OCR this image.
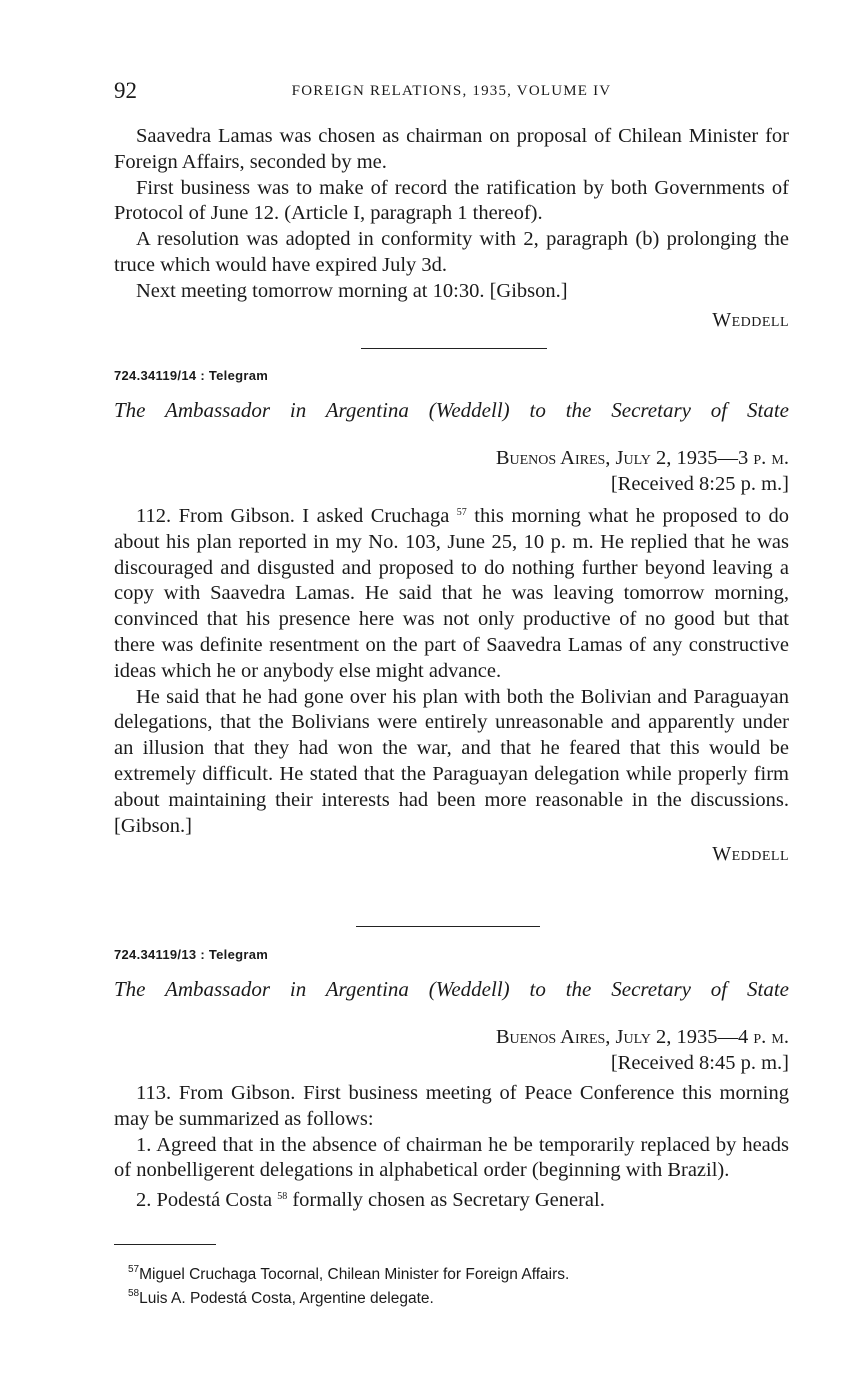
92	FOREIGN RELATIONS, 1935, VOLUME IV

Saavedra Lamas was chosen as chairman on proposal of Chilean Minister for Foreign Affairs, seconded by me.

First business was to make of record the ratification by both Governments of Protocol of June 12. (Article I, paragraph 1 thereof).

A resolution was adopted in conformity with 2, paragraph (b) prolonging the truce which would have expired July 3d.

Next meeting tomorrow morning at 10:30. [Gibson.]

Weddell
724.34119/14 : Telegram
The Ambassador in Argentina (Weddell) to the Secretary of State
Buenos Aires, July 2, 1935—3 p. m.
[Received 8:25 p. m.]

112. From Gibson. I asked Cruchaga $^{57}$ this morning what he proposed to do about his plan reported in my No. 103, June 25, 10 p. m. He replied that he was discouraged and disgusted and proposed to do nothing further beyond leaving a copy with Saavedra Lamas. He said that he was leaving tomorrow morning, convinced that his presence here was not only productive of no good but that there was definite resentment on the part of Saavedra Lamas of any constructive ideas which he or anybody else might advance.

He said that he had gone over his plan with both the Bolivian and Paraguayan delegations, that the Bolivians were entirely unreasonable and apparently under an illusion that they had won the war, and that he feared that this would be extremely difficult. He stated that the Paraguayan delegation while properly firm about maintaining their interests had been more reasonable in the discussions. [Gibson.]

Weddell
724.34119/13 : Telegram
The Ambassador in Argentina (Weddell) to the Secretary of State
Buenos Aires, July 2, 1935—4 p. m.
[Received 8:45 p. m.]

113. From Gibson. First business meeting of Peace Conference this morning may be summarized as follows:

1. Agreed that in the absence of chairman he be temporarily replaced by heads of nonbelligerent delegations in alphabetical order (beginning with Brazil).

2. Podestá Costa $^{58}$ formally chosen as Secretary General.

$^{57}$Miguel Cruchaga Tocornal, Chilean Minister for Foreign Affairs.
$^{58}$Luis A. Podestá Costa, Argentine delegate.
